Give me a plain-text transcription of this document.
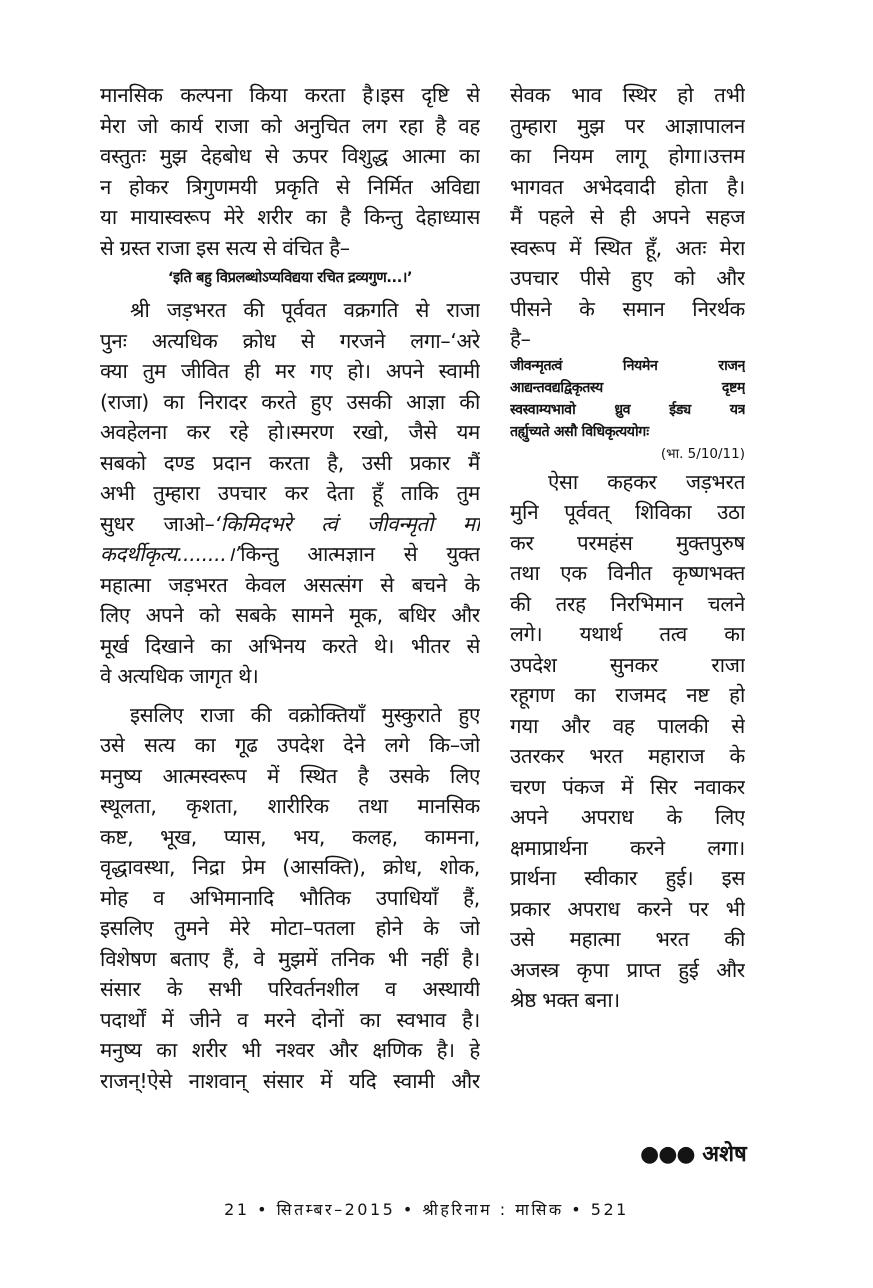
मानसिक कल्पना किया करता है।इस दृष्टि से
मेरा जो कार्य राजा को अनुचित लग रहा है वह
वस्तुतः मुझ देहबोध से ऊपर विशुद्ध आत्मा का
न होकर त्रिगुणमयी प्रकृति से निर्मित अविद्या
या मायास्वरूप मेरे शरीर का है किन्तु देहाध्यास
से ग्रस्त राजा इस सत्य से वंचित है–
‘इति बहु विप्रलब्धोऽप्यविद्यया रचित द्रव्यगुण...।’
श्री जड़भरत की पूर्ववत वक्रगति से राजा
पुनः अत्यधिक क्रोध से गरजने लगा–‘अरे
क्या तुम जीवित ही मर गए हो। अपने स्वामी
(राजा) का निरादर करते हुए उसकी आज्ञा की
अवहेलना कर रहे हो।स्मरण रखो, जैसे यम
सबको दण्ड प्रदान करता है, उसी प्रकार मैं
अभी तुम्हारा उपचार कर देता हूँ ताकि तुम
सुधर जाओ–‘किमिदभरे त्वं जीवन्मृतो मां
कदर्थीकृत्य........।’किन्तु आत्मज्ञान से युक्त
महात्मा जड़भरत केवल असत्संग से बचने के
लिए अपने को सबके सामने मूक, बधिर और
मूर्ख दिखाने का अभिनय करते थे। भीतर से
वे अत्यधिक जागृत थे।
इसलिए राजा की वक्रोक्तियाँ मुस्कुराते हुए
उसे सत्य का गूढ उपदेश देने लगे कि–जो
मनुष्य आत्मस्वरूप में स्थित है उसके लिए
स्थूलता, कृशता, शारीरिक तथा मानसिक
कष्ट, भूख, प्यास, भय, कलह, कामना,
वृद्धावस्था, निद्रा प्रेम (आसक्ति), क्रोध, शोक,
मोह व अभिमानादि भौतिक उपाधियाँ हैं,
इसलिए तुमने मेरे मोटा–पतला होने के जो
विशेषण बताए हैं, वे मुझमें तनिक भी नहीं है।
संसार के सभी परिवर्तनशील व अस्थायी
पदार्थों में जीने व मरने दोनों का स्वभाव है।
मनुष्य का शरीर भी नश्वर और क्षणिक है। हे
राजन्!ऐसे नाशवान् संसार में यदि स्वामी और
सेवक भाव स्थिर हो तभी
तुम्हारा मुझ पर आज्ञापालन
का नियम लागू होगा।उत्तम
भागवत अभेदवादी होता है।
मैं पहले से ही अपने सहज
स्वरूप में स्थित हूँ, अतः मेरा
उपचार पीसे हुए को और
पीसने के समान निरर्थक
है–
जीवन्मृतत्वं नियमेन राजन्
आद्यन्तवद्यद्विकृतस्य दृष्टम्
स्वस्वाम्यभावो ध्रुव ईड्य यत्र
तर्ह्युच्यते असौ विधिकृत्ययोगः
(भा. 5/10/11)
ऐसा कहकर जड़भरत
मुनि पूर्ववत् शिविका उठा
कर परमहंस मुक्तपुरुष
तथा एक विनीत कृष्णभक्त
की तरह निरभिमान चलने
लगे। यथार्थ तत्व का
उपदेश सुनकर राजा
रहूगण का राजमद नष्ट हो
गया और वह पालकी से
उतरकर भरत महाराज के
चरण पंकज में सिर नवाकर
अपने अपराध के लिए
क्षमाप्रार्थना करने लगा।
प्रार्थना स्वीकार हुई। इस
प्रकार अपराध करने पर भी
उसे महात्मा भरत की
अजस्त्र कृपा प्राप्त हुई और
श्रेष्ठ भक्त बना।
●●● अशेष
21 • सितम्बर–2015 • श्रीहरिनाम : मासिक • 521
